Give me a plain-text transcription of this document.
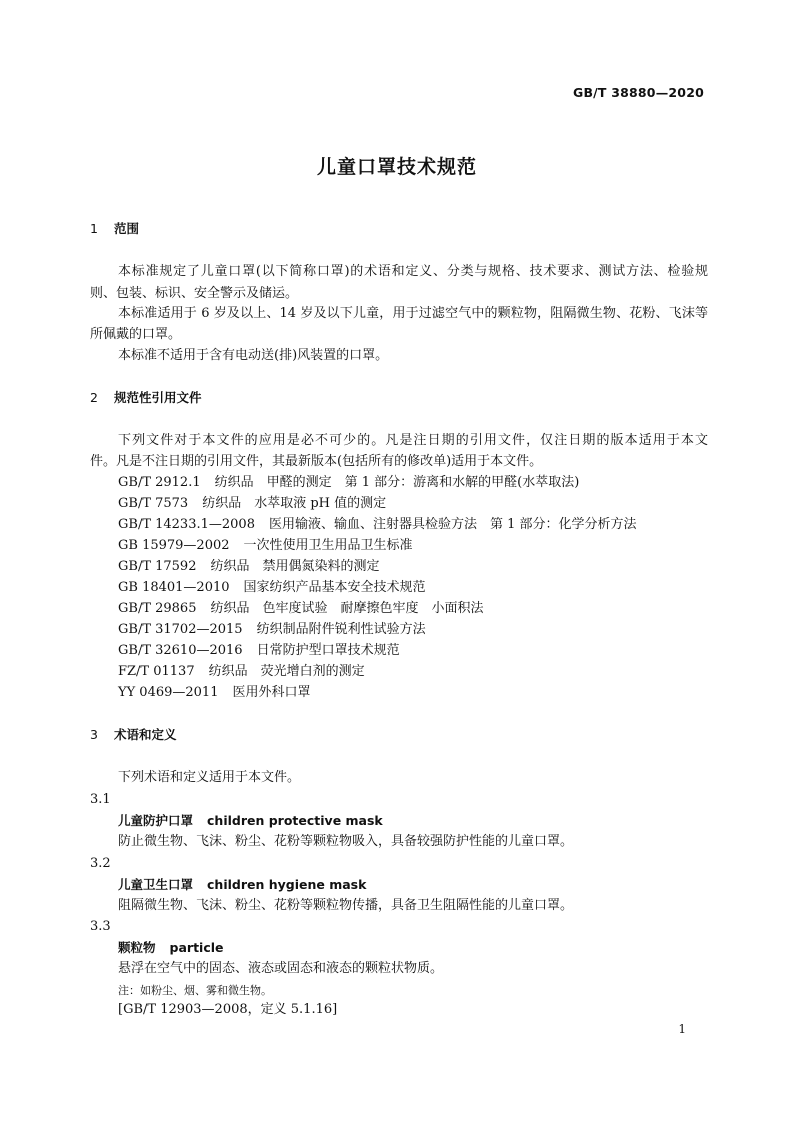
GB/T 38880—2020
儿童口罩技术规范
1 范围
本标准规定了儿童口罩(以下简称口罩)的术语和定义、分类与规格、技术要求、测试方法、检验规
则、包装、标识、安全警示及储运。
本标准适用于 6 岁及以上、14 岁及以下儿童，用于过滤空气中的颗粒物，阻隔微生物、花粉、飞沫等
所佩戴的口罩。
本标准不适用于含有电动送(排)风装置的口罩。
2 规范性引用文件
下列文件对于本文件的应用是必不可少的。凡是注日期的引用文件，仅注日期的版本适用于本文
件。凡是不注日期的引用文件，其最新版本(包括所有的修改单)适用于本文件。
GB/T 2912.1 纺织品　甲醛的测定　第 1 部分：游离和水解的甲醛(水萃取法)
GB/T 7573 纺织品　水萃取液 pH 值的测定
GB/T 14233.1—2008 医用输液、输血、注射器具检验方法　第 1 部分：化学分析方法
GB 15979—2002 一次性使用卫生用品卫生标准
GB/T 17592 纺织品　禁用偶氮染料的测定
GB 18401—2010 国家纺织产品基本安全技术规范
GB/T 29865 纺织品　色牢度试验　耐摩擦色牢度　小面积法
GB/T 31702—2015 纺织制品附件锐利性试验方法
GB/T 32610—2016 日常防护型口罩技术规范
FZ/T 01137 纺织品　荧光增白剂的测定
YY 0469—2011 医用外科口罩
3 术语和定义
下列术语和定义适用于本文件。
3.1
儿童防护口罩 children protective mask
防止微生物、飞沫、粉尘、花粉等颗粒物吸入，具备较强防护性能的儿童口罩。
3.2
儿童卫生口罩 children hygiene mask
阻隔微生物、飞沫、粉尘、花粉等颗粒物传播，具备卫生阻隔性能的儿童口罩。
3.3
颗粒物 particle
悬浮在空气中的固态、液态或固态和液态的颗粒状物质。
注：如粉尘、烟、雾和微生物。
[GB/T 12903—2008，定义 5.1.16]
1
